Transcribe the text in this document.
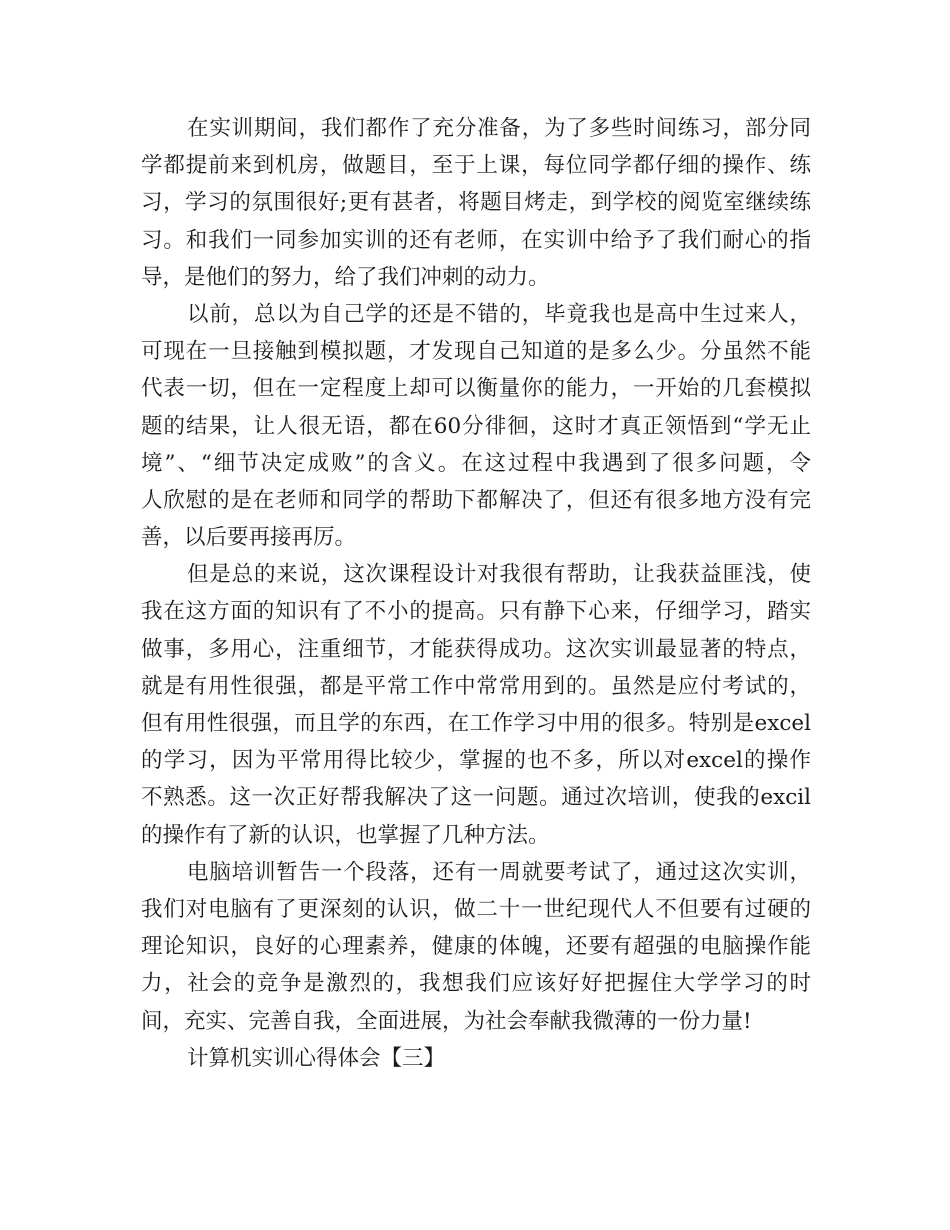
在实训期间，我们都作了充分准备，为了多些时间练习，部分同
学都提前来到机房，做题目，至于上课，每位同学都仔细的操作、练
习，学习的氛围很好;更有甚者，将题目烤走，到学校的阅览室继续练
习。和我们一同参加实训的还有老师，在实训中给予了我们耐心的指
导，是他们的努力，给了我们冲刺的动力。
以前，总以为自己学的还是不错的，毕竟我也是高中生过来人，
可现在一旦接触到模拟题，才发现自己知道的是多么少。分虽然不能
代表一切，但在一定程度上却可以衡量你的能力，一开始的几套模拟
题的结果，让人很无语，都在60分徘徊，这时才真正领悟到“学无止
境”、“细节决定成败”的含义。在这过程中我遇到了很多问题，令
人欣慰的是在老师和同学的帮助下都解决了，但还有很多地方没有完
善，以后要再接再厉。
但是总的来说，这次课程设计对我很有帮助，让我获益匪浅，使
我在这方面的知识有了不小的提高。只有静下心来，仔细学习，踏实
做事，多用心，注重细节，才能获得成功。这次实训最显著的特点，
就是有用性很强，都是平常工作中常常用到的。虽然是应付考试的，
但有用性很强，而且学的东西，在工作学习中用的很多。特别是excel
的学习，因为平常用得比较少，掌握的也不多，所以对excel的操作
不熟悉。这一次正好帮我解决了这一问题。通过次培训，使我的excil
的操作有了新的认识，也掌握了几种方法。
电脑培训暂告一个段落，还有一周就要考试了，通过这次实训，
我们对电脑有了更深刻的认识，做二十一世纪现代人不但要有过硬的
理论知识，良好的心理素养，健康的体魄，还要有超强的电脑操作能
力，社会的竞争是激烈的，我想我们应该好好把握住大学学习的时
间，充实、完善自我，全面进展，为社会奉献我微薄的一份力量!
计算机实训心得体会【三】
